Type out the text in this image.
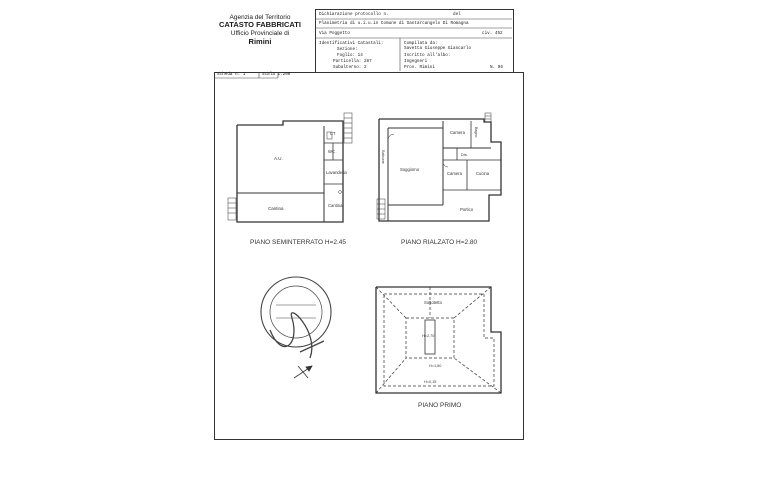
Agenzia del Territorio
CATASTO FABBRICATI
Ufficio Provinciale di
Rimini
Dichiarazione protocollo n.	del
Planimetria di u.i.u.in Comune di Santarcangelo Di Romagna
Via Poggetto	civ. 452
Identificativi Catastali:
Sezione:
Foglio: 14
Particella: 287
Subalterno: 2
Compilata da:
Savetta Giuseppe Giancarlo
Iscritto all'albo:
Ingegneri
Prov. Rimini	N. 96
Scheda n. 1	Scala 1:200
A.U.
CT
WC
Lavanderia
Cantina
Cantina
Camera	Bagno
Soggiorno
Dis.
Camera	Cucina
Balcone
Portico
Sottotetto
H=2,70
H=1,50
H=0,15
PIANO SEMINTERRATO H=2.45	PIANO RIALZATO H=2.80
PIANO PRIMO
